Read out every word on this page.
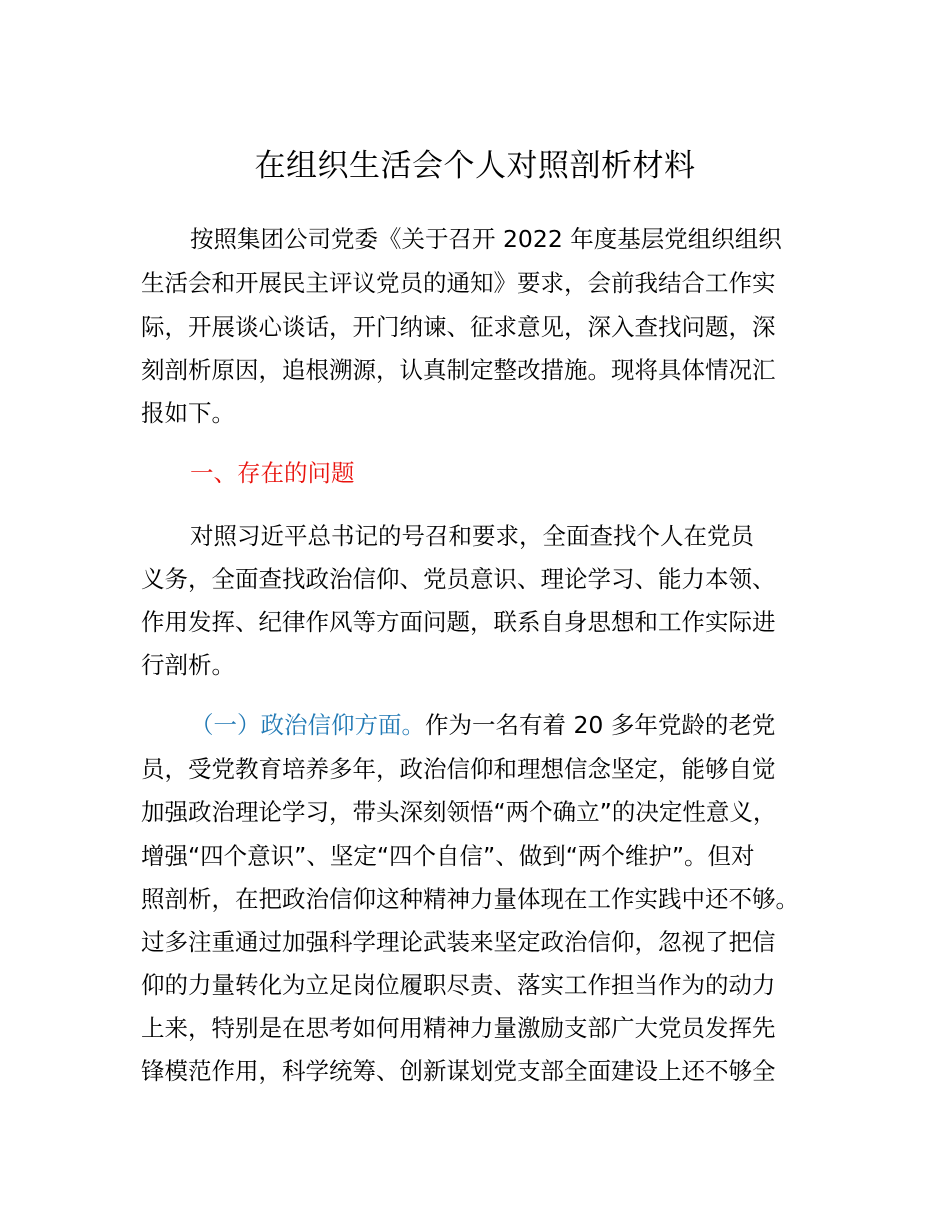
在组织生活会个人对照剖析材料

按照集团公司党委《关于召开 2022 年度基层党组织组织

生活会和开展民主评议党员的通知》要求，会前我结合工作实

际，开展谈心谈话，开门纳谏、征求意见，深入查找问题，深

刻剖析原因，追根溯源，认真制定整改措施。现将具体情况汇

报如下。

一、存在的问题

对照习近平总书记的号召和要求，全面查找个人在党员

义务，全面查找政治信仰、党员意识、理论学习、能力本领、

作用发挥、纪律作风等方面问题，联系自身思想和工作实际进

行剖析。

（一）政治信仰方面。作为一名有着 20 多年党龄的老党

员，受党教育培养多年，政治信仰和理想信念坚定，能够自觉

加强政治理论学习，带头深刻领悟“两个确立”的决定性意义，

增强“四个意识”、坚定“四个自信”、做到“两个维护”。但对

照剖析，在把政治信仰这种精神力量体现在工作实践中还不够。

过多注重通过加强科学理论武装来坚定政治信仰，忽视了把信

仰的力量转化为立足岗位履职尽责、落实工作担当作为的动力

上来，特别是在思考如何用精神力量激励支部广大党员发挥先

锋模范作用，科学统筹、创新谋划党支部全面建设上还不够全
